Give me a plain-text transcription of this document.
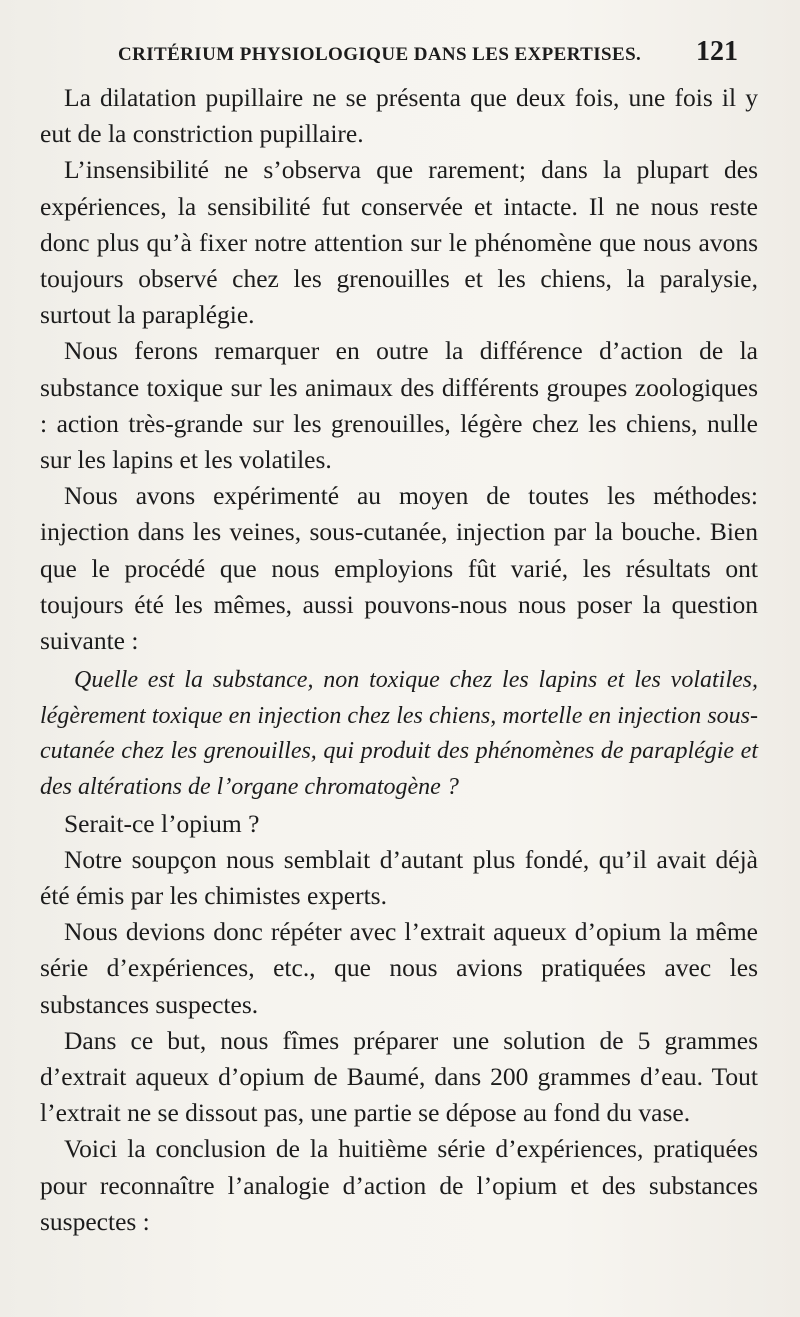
CRITÉRIUM PHYSIOLOGIQUE DANS LES EXPERTISES. 121

La dilatation pupillaire ne se présenta que deux fois, une fois il y eut de la constriction pupillaire.

L’insensibilité ne s’observa que rarement; dans la plupart des expériences, la sensibilité fut conservée et intacte. Il ne nous reste donc plus qu’à fixer notre attention sur le phénomène que nous avons toujours observé chez les grenouilles et les chiens, la paralysie, surtout la paraplégie.

Nous ferons remarquer en outre la différence d’action de la substance toxique sur les animaux des différents groupes zoologiques : action très-grande sur les grenouilles, légère chez les chiens, nulle sur les lapins et les volatiles.

Nous avons expérimenté au moyen de toutes les méthodes: injection dans les veines, sous-cutanée, injection par la bouche. Bien que le procédé que nous employions fût varié, les résultats ont toujours été les mêmes, aussi pouvons-nous nous poser la question suivante :

Quelle est la substance, non toxique chez les lapins et les volatiles, légèrement toxique en injection chez les chiens, mortelle en injection sous-cutanée chez les grenouilles, qui produit des phénomènes de paraplégie et des altérations de l’organe chromatogène ?

Serait-ce l’opium ?

Notre soupçon nous semblait d’autant plus fondé, qu’il avait déjà été émis par les chimistes experts.

Nous devions donc répéter avec l’extrait aqueux d’opium la même série d’expériences, etc., que nous avions pratiquées avec les substances suspectes.

Dans ce but, nous fîmes préparer une solution de 5 grammes d’extrait aqueux d’opium de Baumé, dans 200 grammes d’eau. Tout l’extrait ne se dissout pas, une partie se dépose au fond du vase.

Voici la conclusion de la huitième série d’expériences, pratiquées pour reconnaître l’analogie d’action de l’opium et des substances suspectes :
